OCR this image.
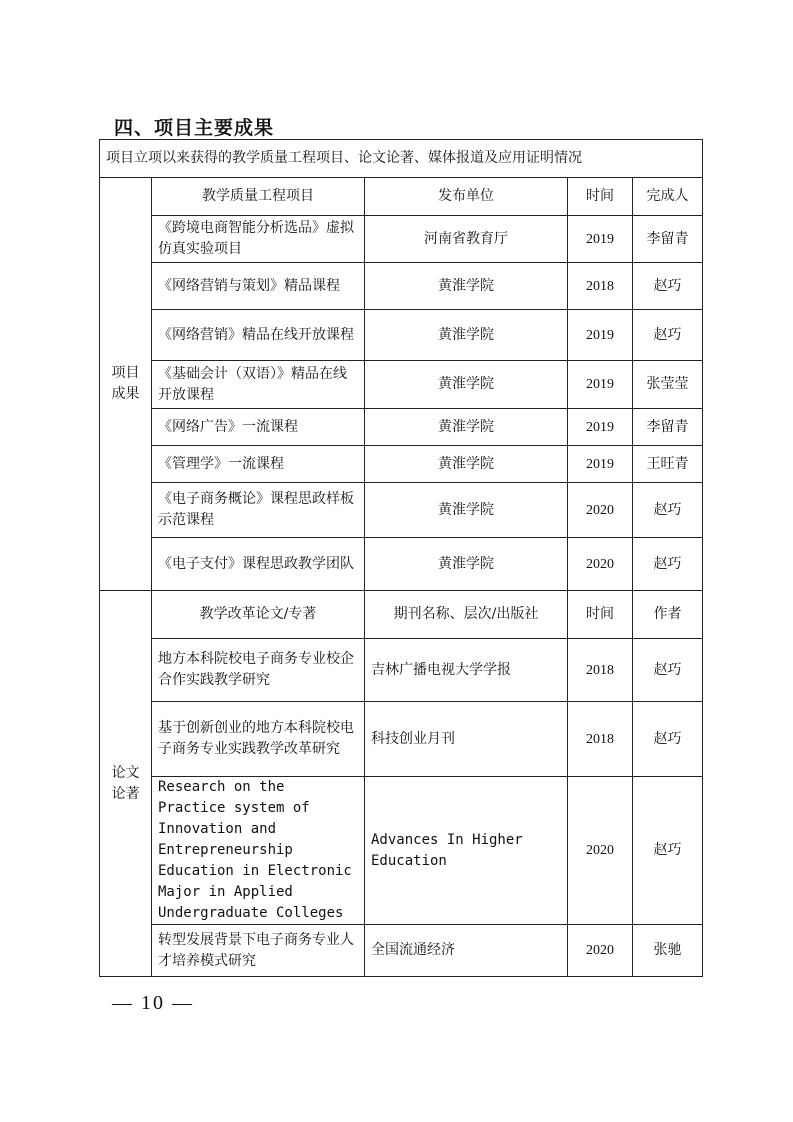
四、项目主要成果
项目立项以来获得的教学质量工程项目、论文论著、媒体报道及应用证明情况				

项目
成果	教学质量工程项目	发布单位	时间	完成人
	《跨境电商智能分析选品》虚拟仿真实验项目	河南省教育厅	2019	李留青
	《网络营销与策划》精品课程	黄淮学院	2018	赵巧
	《网络营销》精品在线开放课程	黄淮学院	2019	赵巧
	《基础会计（双语）》精品在线开放课程	黄淮学院	2019	张莹莹
	《网络广告》一流课程	黄淮学院	2019	李留青
	《管理学》一流课程	黄淮学院	2019	王旺青
	《电子商务概论》课程思政样板示范课程	黄淮学院	2020	赵巧
	《电子支付》课程思政教学团队	黄淮学院	2020	赵巧

论文
论著	教学改革论文/专著	期刊名称、层次/出版社	时间	作者
	地方本科院校电子商务专业校企合作实践教学研究	吉林广播电视大学学报	2018	赵巧
	基于创新创业的地方本科院校电子商务专业实践教学改革研究	科技创业月刊	2018	赵巧
	Research on the Practice system of Innovation and Entrepreneurship Education in Electronic Major in Applied Undergraduate Colleges	Advances In Higher Education	2020	赵巧
	转型发展背景下电子商务专业人才培养模式研究	全国流通经济	2020	张驰
— 10 —
